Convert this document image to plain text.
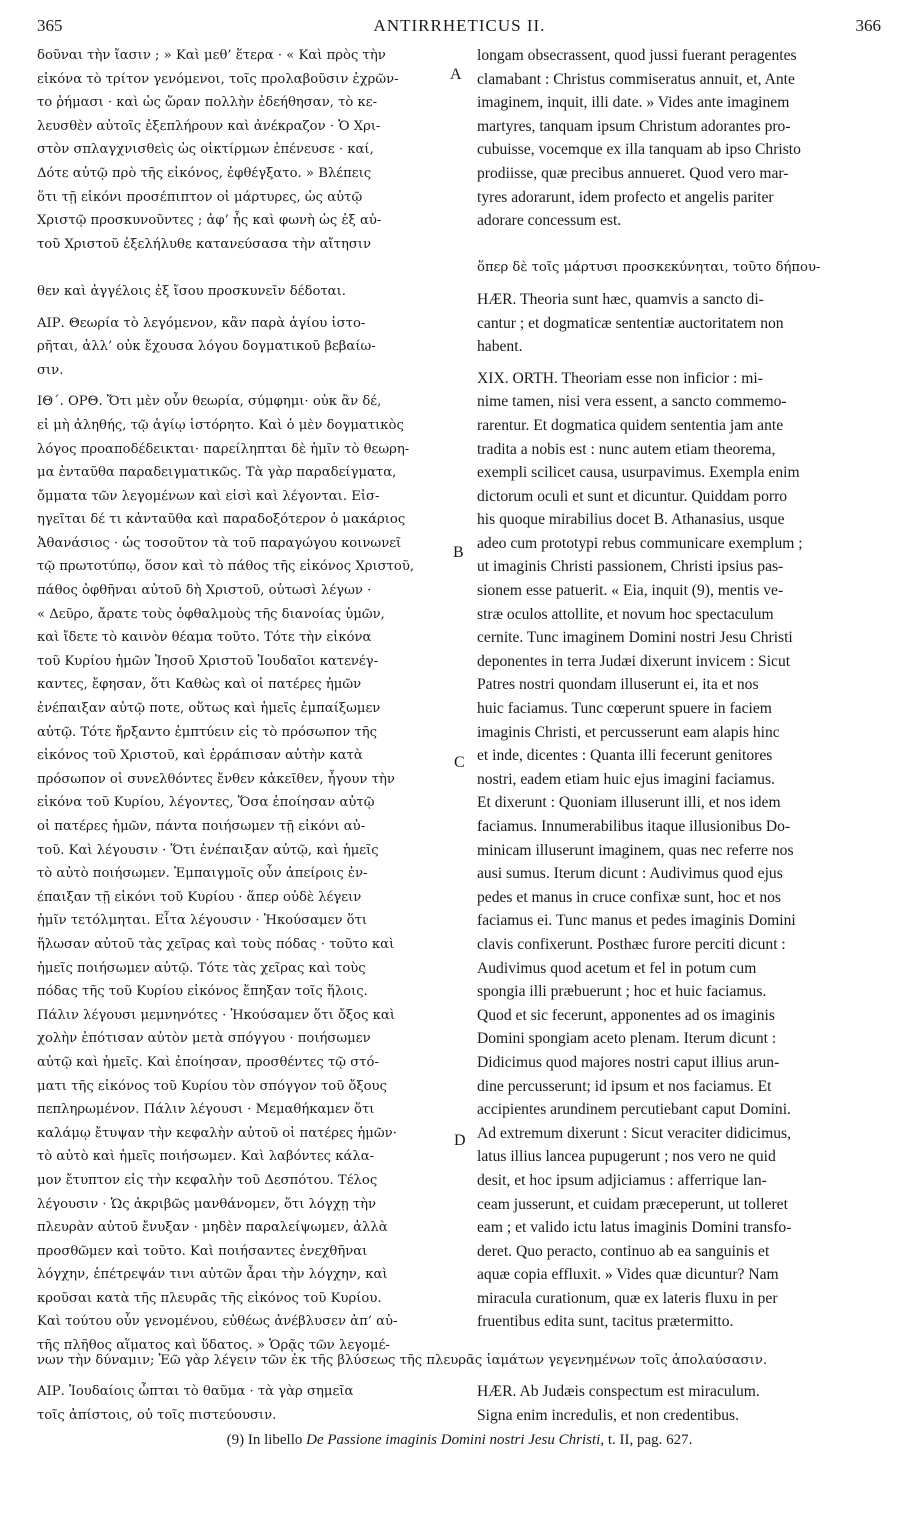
365	ANTIRRHETICUS II.	366
δοῦναι τὴν ἴασιν ; » Καὶ μεθ’ ἕτερα · « Καὶ πρὸς τὴν
εἰκόνα τὸ τρίτον γενόμενοι, τοῖς προλαβοῦσιν ἐχρῶν-
το ῥήμασι · καὶ ὡς ὥραν πολλὴν ἐδεήθησαν, τὸ κε-
λευσθὲν αὐτοῖς ἐξεπλήρουν καὶ ἀνέκραζον · Ὁ Χρι-
στὸν σπλαγχνισθεὶς ὡς οἰκτίρμων ἐπένευσε · καί,
Δότε αὐτῷ πρὸ τῆς εἰκόνος, ἐφθέγξατο. » Βλέπεις
ὅτι τῇ εἰκόνι προσέπιπτον οἱ μάρτυρες, ὡς αὐτῷ
Χριστῷ προσκυνοῦντες ; ἀφ’ ἧς καὶ φωνὴ ὡς ἐξ αὐ-
τοῦ Χριστοῦ ἐξελήλυθε κατανεύσασα τὴν αἴτησιν
θεν καὶ ἀγγέλοις ἐξ ἴσου προσκυνεῖν δέδοται.
ΑΙΡ. Θεωρία τὸ λεγόμενον, κἂν παρὰ ἁγίου ἱστο-
ρῆται, ἀλλ’ οὐκ ἔχουσα λόγου δογματικοῦ βεβαίω-
σιν.
ΙΘ΄. ΟΡΘ. Ὅτι μὲν οὖν θεωρία, σύμφημι· οὐκ ἂν δέ,
εἰ μὴ ἀληθής, τῷ ἁγίῳ ἱστόρητο. Καὶ ὁ μὲν δογματικὸς
λόγος προαποδέδεικται· παρείληπται δὲ ἡμῖν τὸ θεωρη-
μα ἐνταῦθα παραδειγματικῶς. Τὰ γὰρ παραδείγματα,
ὄμματα τῶν λεγομένων καὶ εἰσὶ καὶ λέγονται. Εἰσ-
ηγεῖται δέ τι κἀνταῦθα καὶ παραδοξότερον ὁ μακάριος
Ἀθανάσιος · ὡς τοσοῦτον τὰ τοῦ παραγώγου κοινωνεῖ
τῷ πρωτοτύπῳ, ὅσον καὶ τὸ πάθος τῆς εἰκόνος Χριστοῦ,
πάθος ὀφθῆναι αὐτοῦ δὴ Χριστοῦ, οὑτωσὶ λέγων ·
« Δεῦρο, ἄρατε τοὺς ὀφθαλμοὺς τῆς διανοίας ὑμῶν,
καὶ ἴδετε τὸ καινὸν θέαμα τοῦτο. Τότε τὴν εἰκόνα
τοῦ Κυρίου ἡμῶν Ἰησοῦ Χριστοῦ Ἰουδαῖοι κατενέγ-
καντες, ἔφησαν, ὅτι Καθὼς καὶ οἱ πατέρες ἡμῶν
ἐνέπαιξαν αὐτῷ ποτε, οὕτως καὶ ἡμεῖς ἐμπαίξωμεν
αὐτῷ. Τότε ἤρξαντο ἐμπτύειν εἰς τὸ πρόσωπον τῆς
εἰκόνος τοῦ Χριστοῦ, καὶ ἐρράπισαν αὐτὴν κατὰ
πρόσωπον οἱ συνελθόντες ἔνθεν κἀκεῖθεν, ἦγουν τὴν
εἰκόνα τοῦ Κυρίου, λέγοντες, Ὅσα ἐποίησαν αὐτῷ
οἱ πατέρες ἡμῶν, πάντα ποιήσωμεν τῇ εἰκόνι αὐ-
τοῦ. Καὶ λέγουσιν · Ὅτι ἐνέπαιξαν αὐτῷ, καὶ ἡμεῖς
τὸ αὐτὸ ποιήσωμεν. Ἐμπαιγμοῖς οὖν ἀπείροις ἐν-
έπαιξαν τῇ εἰκόνι τοῦ Κυρίου · ἅπερ οὐδὲ λέγειν
ἡμῖν τετόλμηται. Εἶτα λέγουσιν · Ἠκούσαμεν ὅτι
ἥλωσαν αὐτοῦ τὰς χεῖρας καὶ τοὺς πόδας · τοῦτο καὶ
ἡμεῖς ποιήσωμεν αὐτῷ. Τότε τὰς χεῖρας καὶ τοὺς
πόδας τῆς τοῦ Κυρίου εἰκόνος ἔπηξαν τοῖς ἥλοις.
Πάλιν λέγουσι μεμνηνότες · Ἠκούσαμεν ὅτι ὄξος καὶ
χολὴν ἐπότισαν αὐτὸν μετὰ σπόγγου · ποιήσωμεν
αὐτῷ καὶ ἡμεῖς. Καὶ ἐποίησαν, προσθέντες τῷ στό-
ματι τῆς εἰκόνος τοῦ Κυρίου τὸν σπόγγον τοῦ ὄξους
πεπληρωμένον. Πάλιν λέγουσι · Μεμαθήκαμεν ὅτι
καλάμῳ ἔτυψαν τὴν κεφαλὴν αὐτοῦ οἱ πατέρες ἡμῶν·
τὸ αὐτὸ καὶ ἡμεῖς ποιήσωμεν. Καὶ λαβόντες κάλα-
μον ἔτυπτον εἰς τὴν κεφαλὴν τοῦ Δεσπότου. Τέλος
λέγουσιν · Ὡς ἀκριβῶς μανθάνομεν, ὅτι λόγχῃ τὴν
πλευρὰν αὐτοῦ ἔνυξαν · μηδὲν παραλείψωμεν, ἀλλὰ
προσθῶμεν καὶ τοῦτο. Καὶ ποιήσαντες ἐνεχθῆναι
λόγχην, ἐπέτρεψάν τινι αὐτῶν ἆραι τὴν λόγχην, καὶ
κροῦσαι κατὰ τῆς πλευρᾶς τῆς εἰκόνος τοῦ Κυρίου.
Καὶ τούτου οὖν γενομένου, εὐθέως ἀνέβλυσεν ἀπ’ αὐ-
τῆς πλῆθος αἵματος καὶ ὕδατος. » Ὁρᾷς τῶν λεγομέ-
longam obsecrassent, quod jussi fuerant peragentes
clamabant : Christus commiseratus annuit, et, Ante
imaginem, inquit, illi date. » Vides ante imaginem
martyres, tanquam ipsum Christum adorantes pro-
cubuisse, vocemque ex illa tanquam ab ipso Christo
prodiisse, quæ precibus annueret. Quod vero mar-
tyres adorarunt, idem profecto et angelis pariter
adorare concessum est.
HÆR. Theoria sunt hæc, quamvis a sancto di-
cantur ; et dogmaticæ sententiæ auctoritatem non
habent.
XIX. ORTH. Theoriam esse non inficior : mi-
nime tamen, nisi vera essent, a sancto commemo-
rarentur. Et dogmatica quidem sententia jam ante
tradita a nobis est : nunc autem etiam theorema,
exempli scilicet causa, usurpavimus. Exempla enim
dictorum oculi et sunt et dicuntur. Quiddam porro
his quoque mirabilius docet B. Athanasius, usque
adeo cum prototypi rebus communicare exemplum ;
ut imaginis Christi passionem, Christi ipsius pas-
sionem esse patuerit. « Eia, inquit (9), mentis ve-
stræ oculos attollite, et novum hoc spectaculum
cernite. Tunc imaginem Domini nostri Jesu Christi
deponentes in terra Judæi dixerunt invicem : Sicut
Patres nostri quondam illuserunt ei, ita et nos
huic faciamus. Tunc cœperunt spuere in faciem
imaginis Christi, et percusserunt eam alapis hinc
et inde, dicentes : Quanta illi fecerunt genitores
nostri, eadem etiam huic ejus imagini faciamus.
Et dixerunt : Quoniam illuserunt illi, et nos idem
faciamus. Innumerabilibus itaque illusionibus Do-
minicam illuserunt imaginem, quas nec referre nos
ausi sumus. Iterum dicunt : Audivimus quod ejus
pedes et manus in cruce confixæ sunt, hoc et nos
faciamus ei. Tunc manus et pedes imaginis Domini
clavis confixerunt. Posthæc furore perciti dicunt :
Audivimus quod acetum et fel in potum cum
spongia illi præbuerunt ; hoc et huic faciamus.
Quod et sic fecerunt, apponentes ad os imaginis
Domini spongiam aceto plenam. Iterum dicunt :
Didicimus quod majores nostri caput illius arun-
dine percusserunt; id ipsum et nos faciamus. Et
accipientes arundinem percutiebant caput Domini.
Ad extremum dixerunt : Sicut veraciter didicimus,
latus illius lancea pupugerunt ; nos vero ne quid
desit, et hoc ipsum adjiciamus : afferrique lan-
ceam jusserunt, et cuidam præceperunt, ut tolleret
eam ; et valido ictu latus imaginis Domini transfo-
deret. Quo peracto, continuo ab ea sanguinis et
aquæ copia effluxit. » Vides quæ dicuntur? Nam
miracula curationum, quæ ex lateris fluxu in per
fruentibus edita sunt, tacitus prætermitto.
ὅπερ δὲ τοῖς μάρτυσι προσκεκύνηται, τοῦτο δήπου-
νων τὴν δύναμιν; Ἐῶ γὰρ λέγειν τῶν ἐκ τῆς βλύσεως τῆς πλευρᾶς ἰαμάτων γεγενημένων τοῖς ἀπολαύσασιν.
ΑΙΡ. Ἰουδαίοις ὦπται τὸ θαῦμα · τὰ γὰρ σημεῖα
τοῖς ἀπίστοις, οὐ τοῖς πιστεύουσιν.
HÆR. Ab Judæis conspectum est miraculum.
Signa enim incredulis, et non credentibus.
A
B
C
D
(9) In libello De Passione imaginis Domini nostri Jesu Christi, t. II, pag. 627.
